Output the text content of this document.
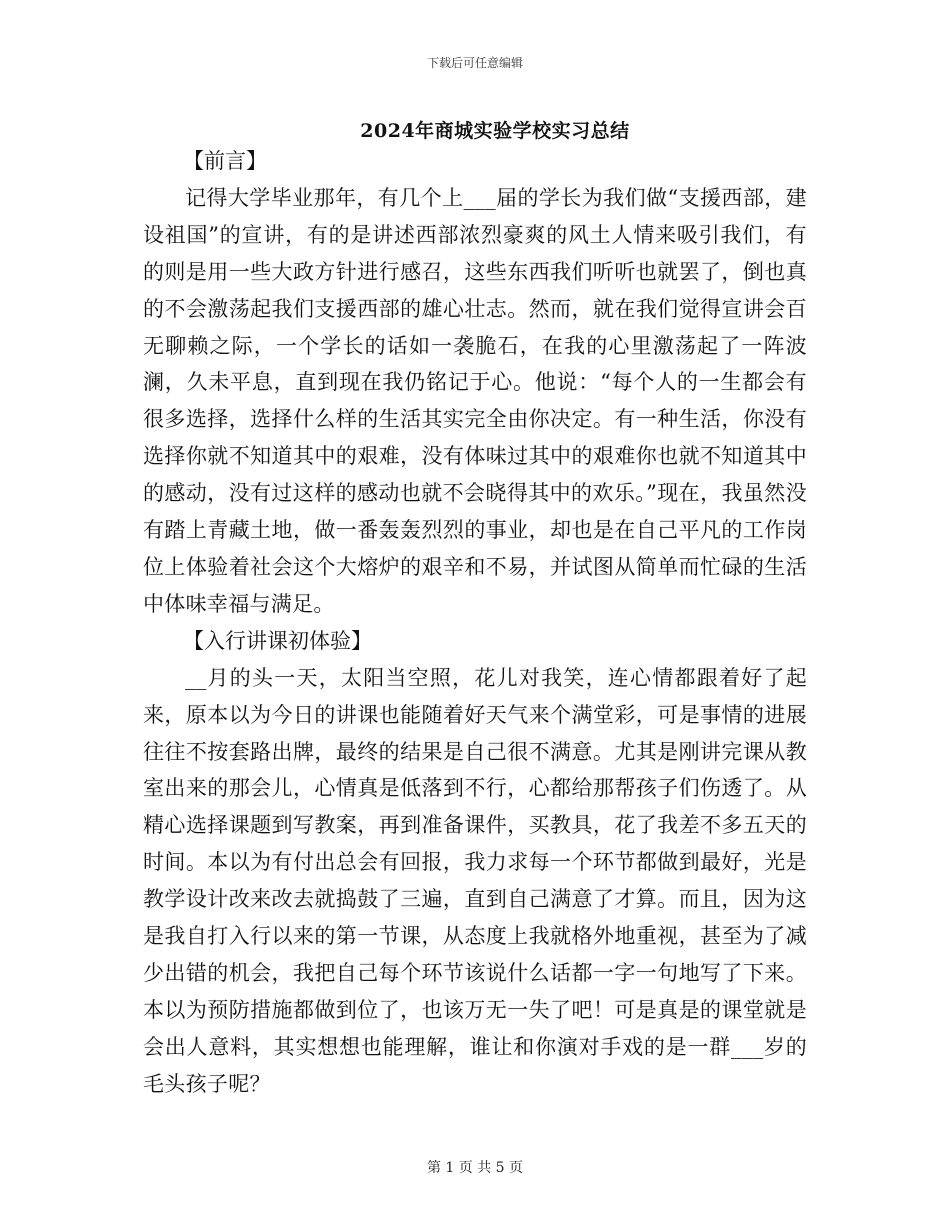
下载后可任意编辑
2024年商城实验学校实习总结

【前言】

记得大学毕业那年，有几个上___届的学长为我们做“支援西部，建设祖国”的宣讲，有的是讲述西部浓烈豪爽的风土人情来吸引我们，有的则是用一些大政方针进行感召，这些东西我们听听也就罢了，倒也真的不会激荡起我们支援西部的雄心壮志。然而，就在我们觉得宣讲会百无聊赖之际，一个学长的话如一袭脆石，在我的心里激荡起了一阵波澜，久未平息，直到现在我仍铭记于心。他说：“每个人的一生都会有很多选择，选择什么样的生活其实完全由你决定。有一种生活，你没有选择你就不知道其中的艰难，没有体味过其中的艰难你也就不知道其中的感动，没有过这样的感动也就不会晓得其中的欢乐。”现在，我虽然没有踏上青藏土地，做一番轰轰烈烈的事业，却也是在自己平凡的工作岗位上体验着社会这个大熔炉的艰辛和不易，并试图从简单而忙碌的生活中体味幸福与满足。

【入行讲课初体验】

__月的头一天，太阳当空照，花儿对我笑，连心情都跟着好了起来，原本以为今日的讲课也能随着好天气来个满堂彩，可是事情的进展往往不按套路出牌，最终的结果是自己很不满意。尤其是刚讲完课从教室出来的那会儿，心情真是低落到不行，心都给那帮孩子们伤透了。从精心选择课题到写教案，再到准备课件，买教具，花了我差不多五天的时间。本以为有付出总会有回报，我力求每一个环节都做到最好，光是教学设计改来改去就捣鼓了三遍，直到自己满意了才算。而且，因为这是我自打入行以来的第一节课，从态度上我就格外地重视，甚至为了减少出错的机会，我把自己每个环节该说什么话都一字一句地写了下来。本以为预防措施都做到位了，也该万无一失了吧！可是真是的课堂就是会出人意料，其实想想也能理解，谁让和你演对手戏的是一群___岁的毛头孩子呢？

第 1 页 共 5 页
